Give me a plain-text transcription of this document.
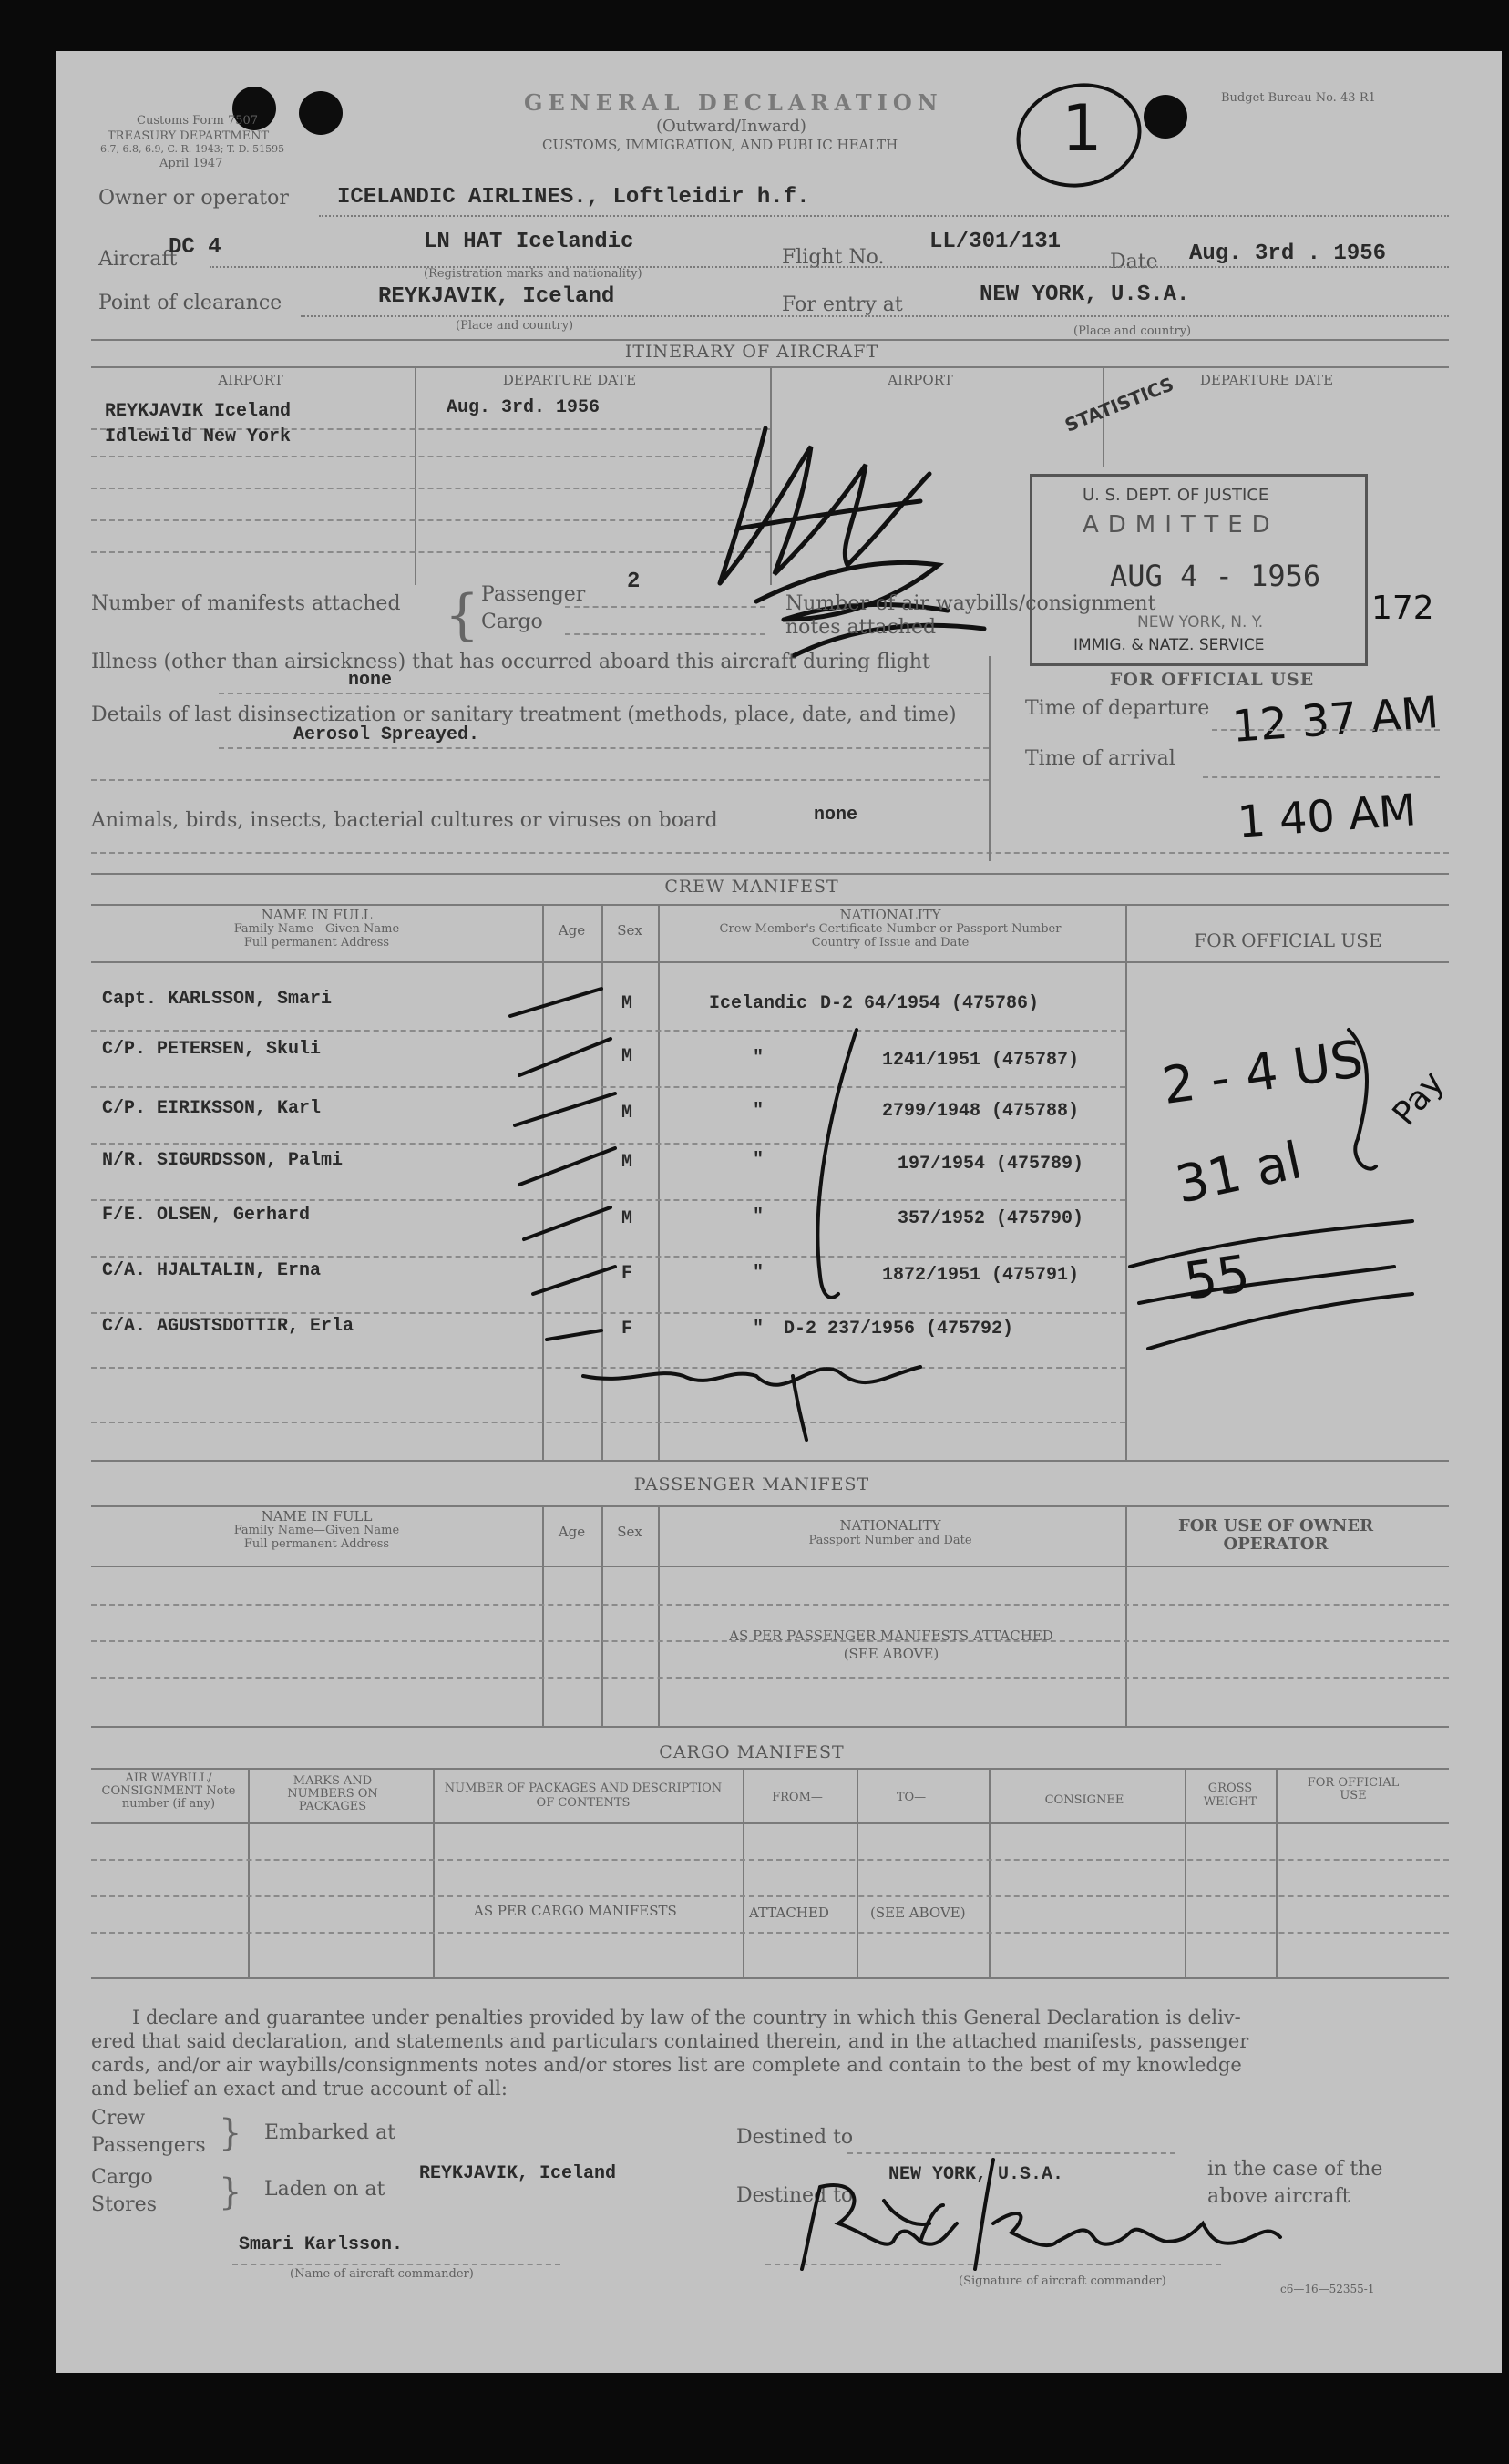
Customs Form 7507
TREASURY DEPARTMENT
6.7, 6.8, 6.9, C. R. 1943; T. D. 51595
April 1947
GENERAL DECLARATION
(Outward/Inward)
CUSTOMS, IMMIGRATION, AND PUBLIC HEALTH
Budget Bureau No. 43-R1
1
Owner or operator ICELANDIC AIRLINES., Loftleidir h.f.
Aircraft
DC 4	LN HAT Icelandic
(Registration marks and nationality)
Flight No.
LL/301/131
Date Aug. 3rd . 1956
Point of clearance	REYKJAVIK, Iceland
(Place and country)
For entry at	NEW YORK, U.S.A.
(Place and country)
ITINERARY OF AIRCRAFT
AIRPORT	DEPARTURE DATE	AIRPORT	DEPARTURE DATE
REYKJAVIK Iceland	Aug. 3rd. 1956
Idlewild New York
STATISTICS
U. S. DEPT. OF JUSTICE
ADMITTED
AUG 4 - 1956
NEW YORK, N. Y.
IMMIG. & NATZ. SERVICE
172
Number of manifests attached { Passenger
2
Cargo
Number of air waybills/consignment notes attached
Illness (other than airsickness) that has occurred aboard this aircraft during flight
none
Details of last disinsectization or sanitary treatment (methods, place, date, and time)
Aerosol Spreayed.
Animals, birds, insects, bacterial cultures or viruses on board	none
FOR OFFICIAL USE
Time of departure 12 37 AM
Time of arrival
1 40 AM
CREW MANIFEST
NAME IN FULL
Family Name—Given Name
Full permanent Address
Age	Sex
NATIONALITY
Crew Member's Certificate Number or Passport Number
Country of Issue and Date	FOR OFFICIAL USE
Capt. KARLSSON, Smari	M	Icelandic D-2 64/1954 (475786)
C/P. PETERSEN, Skuli	M	"	1241/1951 (475787)
C/P. EIRIKSSON, Karl	M	"	2799/1948 (475788)
N/R. SIGURDSSON, Palmi	M	"	197/1954 (475789)
F/E. OLSEN, Gerhard	M	"	357/1952 (475790)
C/A. HJALTALIN, Erna	F	"	1872/1951 (475791)
C/A. AGUSTSDOTTIR, Erla	F	" D-2 237/1956 (475792)
2 - 4 US
31 al
55
Pay
PASSENGER MANIFEST
NAME IN FULL
Family Name—Given Name
Full permanent Address
Age	Sex	NATIONALITY
Passport Number and Date
FOR USE OF OWNER OPERATOR
AS PER PASSENGER MANIFESTS ATTACHED
(SEE ABOVE)
CARGO MANIFEST
AIR WAYBILL/ CONSIGNMENT Note number (if any)
MARKS AND NUMBERS ON PACKAGES
NUMBER OF PACKAGES AND DESCRIPTION OF CONTENTS	FROM—	TO—	CONSIGNEE
GROSS WEIGHT
FOR OFFICIAL USE
AS PER CARGO MANIFESTS	ATTACHED	(SEE ABOVE)
I declare and guarantee under penalties provided by law of the country in which this General Declaration is deliv-
ered that said declaration, and statements and particulars contained therein, and in the attached manifests, passenger
cards, and/or air waybills/consignments notes and/or stores list are complete and contain to the best of my knowledge
and belief an exact and true account of all:
Crew
Passengers
Cargo
Stores
}
}
Embarked at
Laden on at
REYKJAVIK, Iceland
Destined to
Destined to
NEW YORK, U.S.A.	in the case of the
above aircraft
Smari Karlsson.
(Name of aircraft commander)
(Signature of aircraft commander)
c6—16—52355-1
